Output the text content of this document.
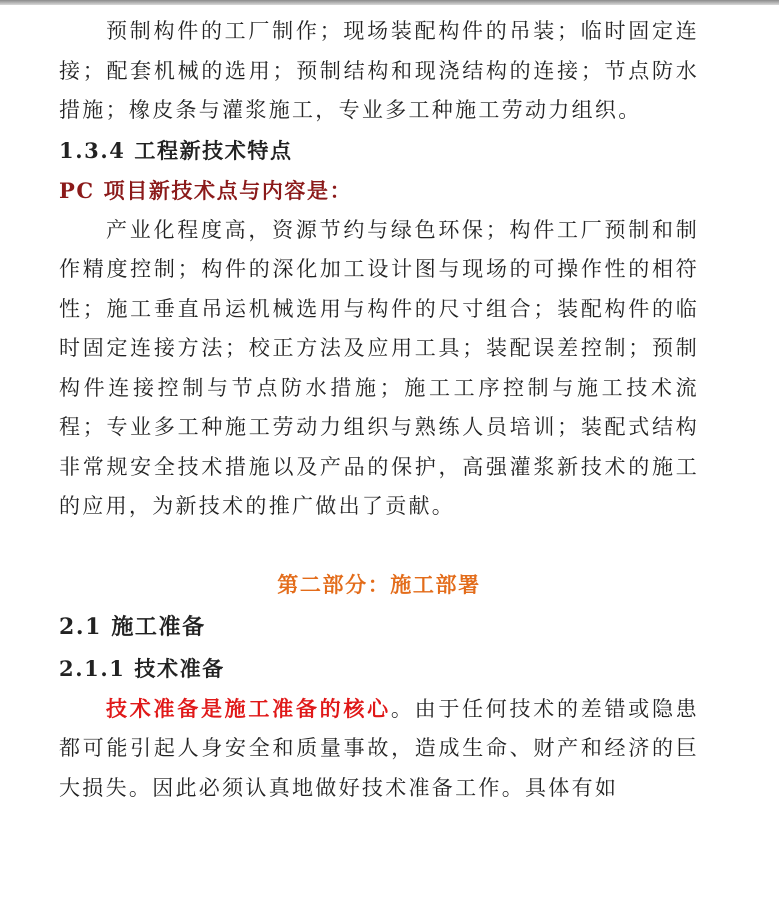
预制构件的工厂制作；现场装配构件的吊装；临时固定连接；配套机械的选用；预制结构和现浇结构的连接；节点防水措施；橡皮条与灌浆施工，专业多工种施工劳动力组织。

1.3.4 工程新技术特点
PC 项目新技术点与内容是：

产业化程度高，资源节约与绿色环保；构件工厂预制和制作精度控制；构件的深化加工设计图与现场的可操作性的相符性；施工垂直吊运机械选用与构件的尺寸组合；装配构件的临时固定连接方法；校正方法及应用工具；装配误差控制；预制构件连接控制与节点防水措施；施工工序控制与施工技术流程；专业多工种施工劳动力组织与熟练人员培训；装配式结构非常规安全技术措施以及产品的保护，高强灌浆新技术的施工的应用，为新技术的推广做出了贡献。

第二部分：施工部署
2.1 施工准备
2.1.1 技术准备

技术准备是施工准备的核心。由于任何技术的差错或隐患都可能引起人身安全和质量事故，造成生命、财产和经济的巨大损失。因此必须认真地做好技术准备工作。具体有如
